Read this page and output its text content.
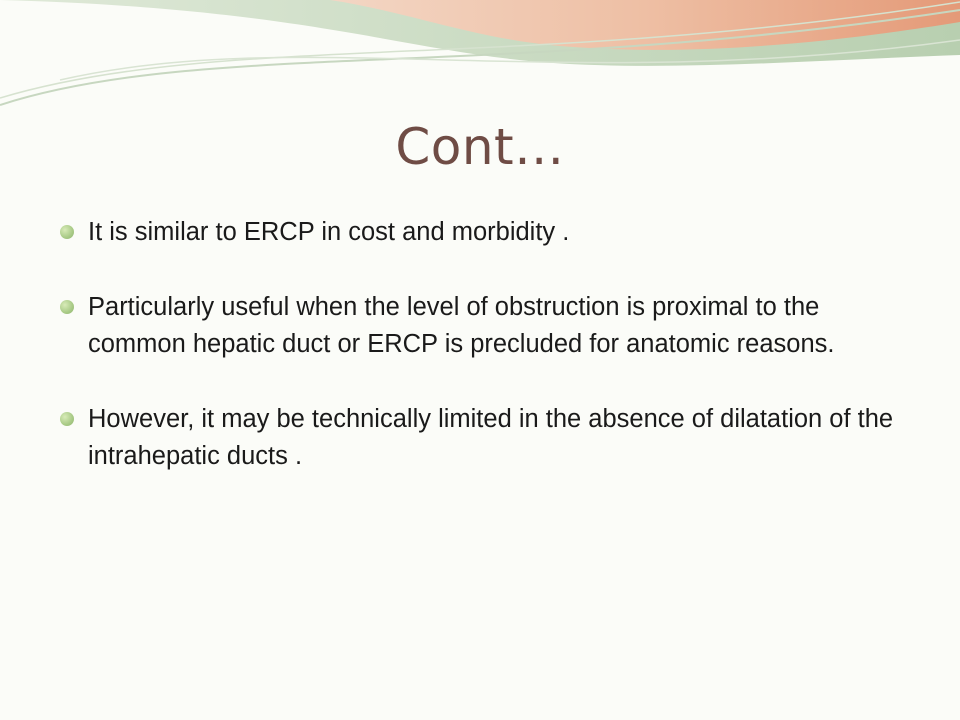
Cont…
It is similar to ERCP in cost and morbidity .
Particularly useful when the level of obstruction is proximal to the common hepatic duct or ERCP is precluded for anatomic reasons.
However, it may be technically limited in the absence of dilatation of the intrahepatic ducts .
